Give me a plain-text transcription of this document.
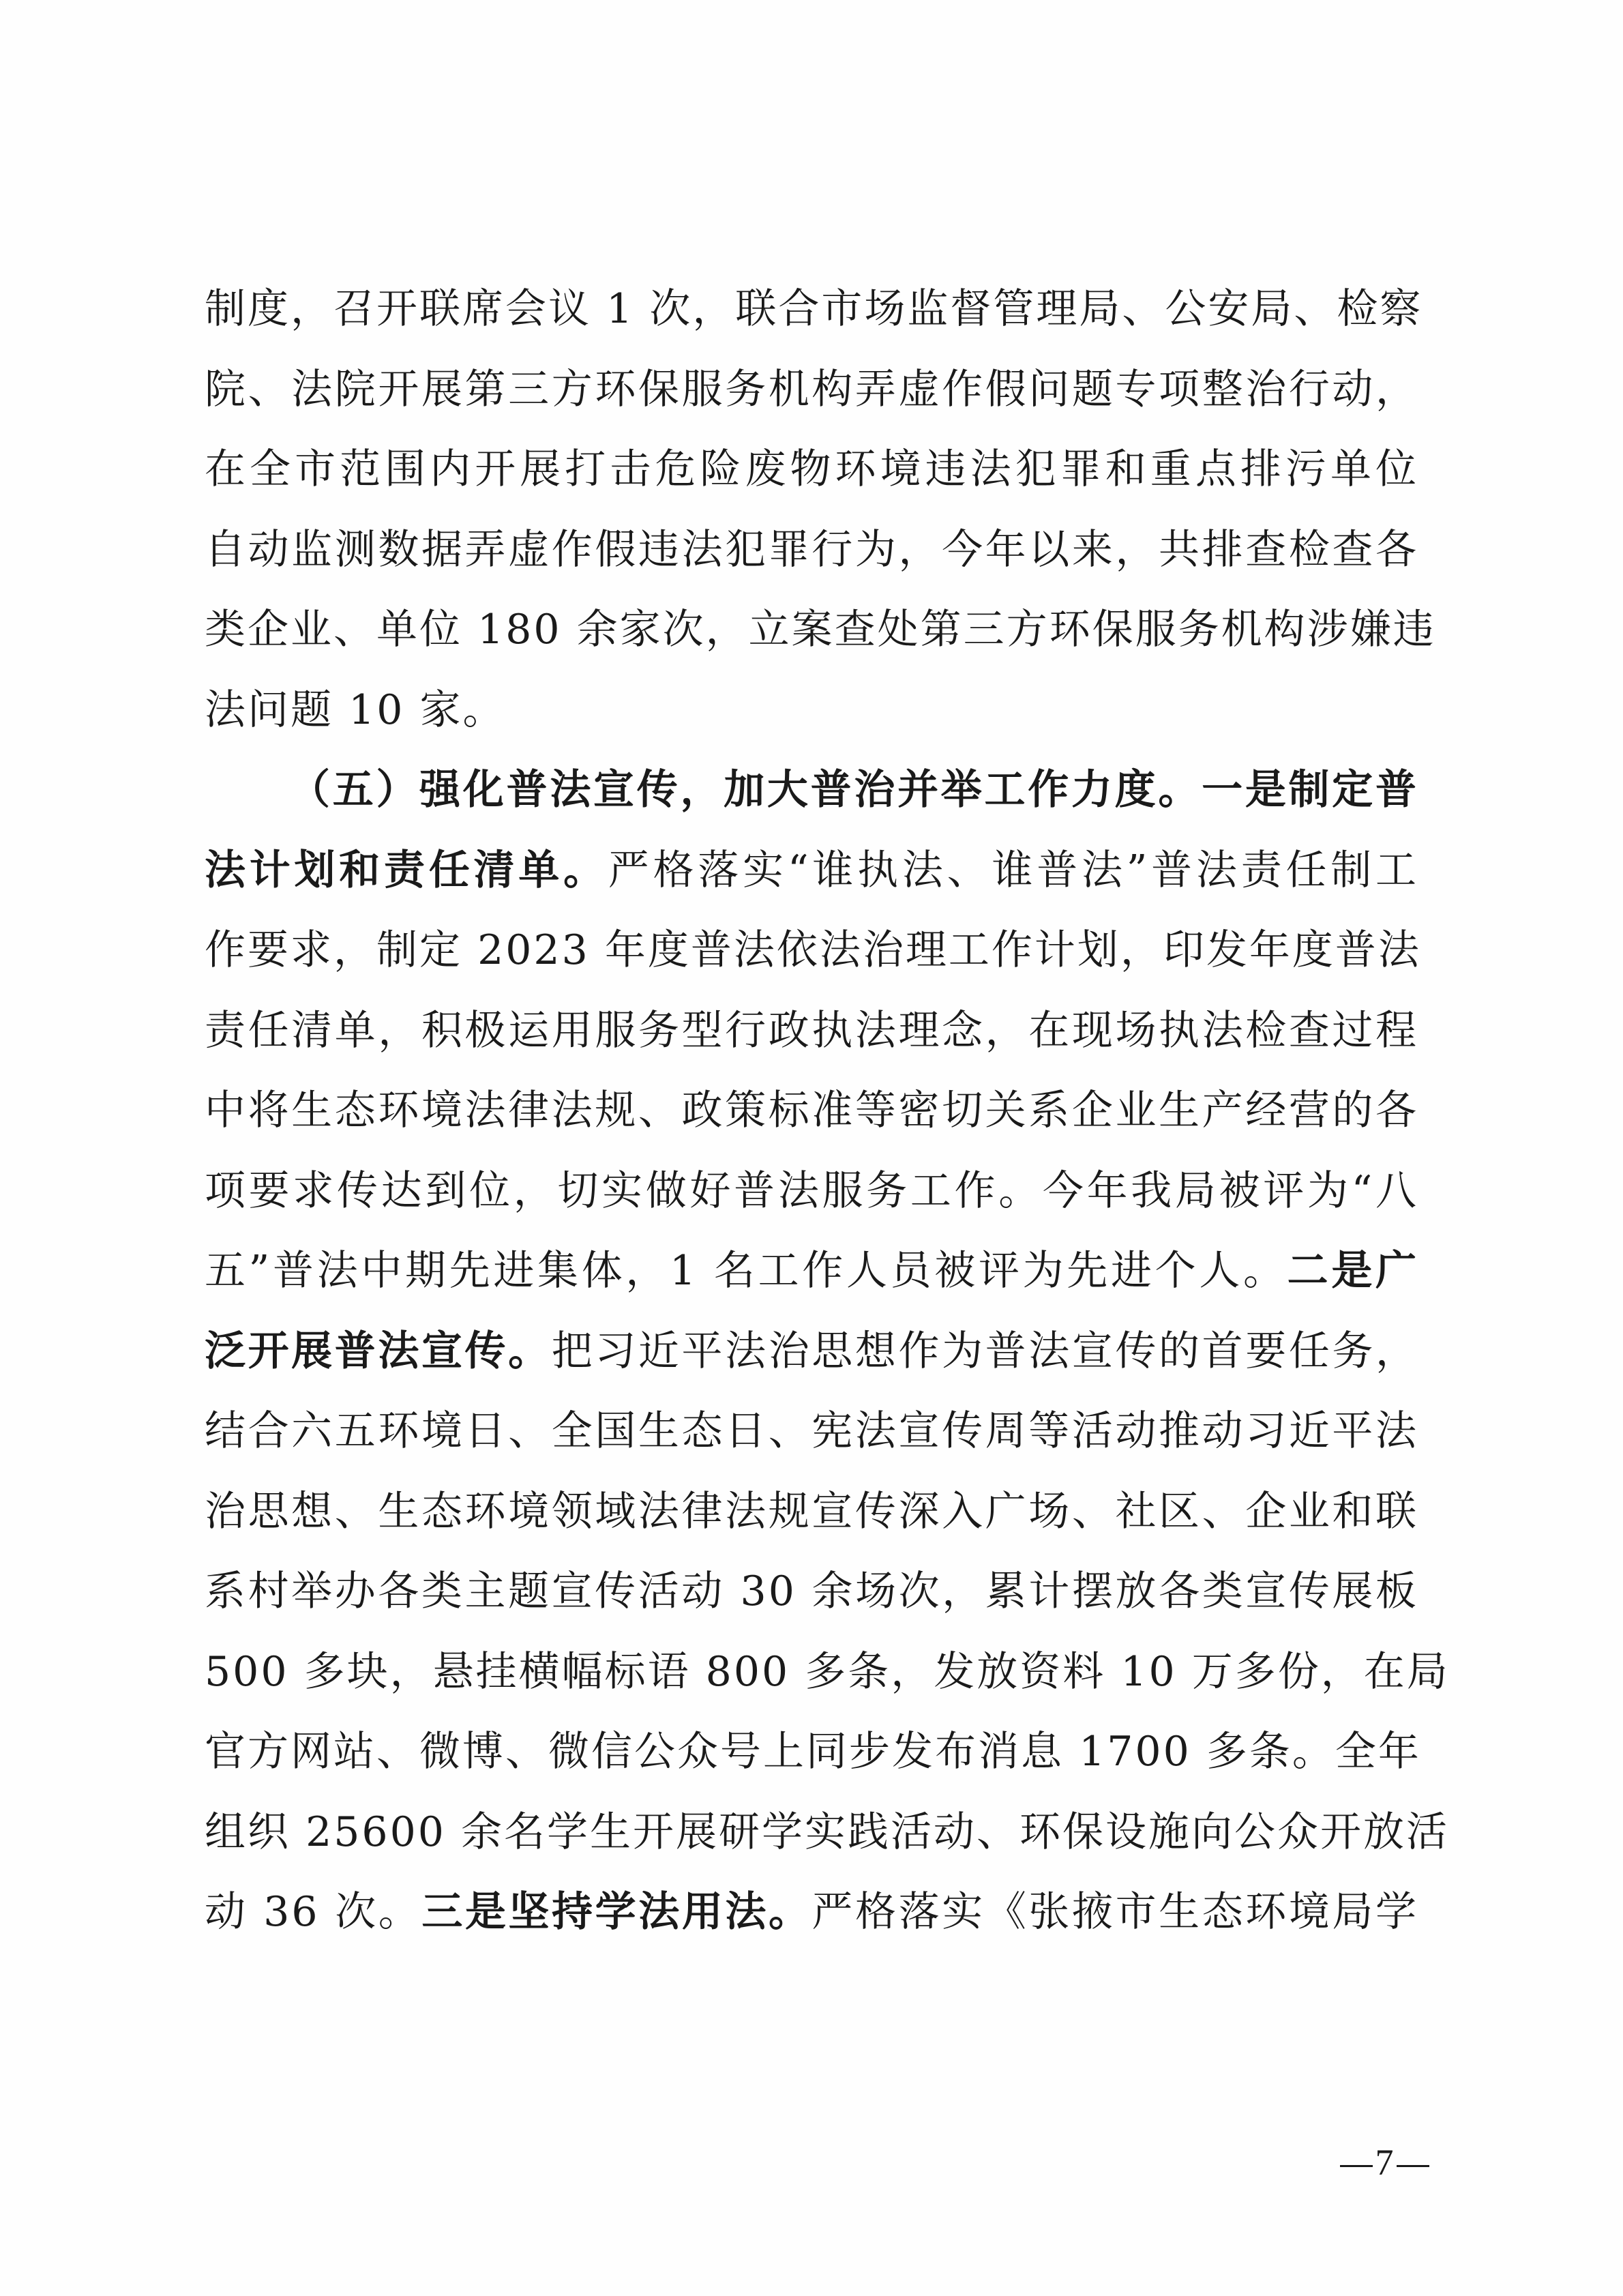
制度，召开联席会议 1 次，联合市场监督管理局、公安局、检察
院、法院开展第三方环保服务机构弄虚作假问题专项整治行动，
在全市范围内开展打击危险废物环境违法犯罪和重点排污单位
自动监测数据弄虚作假违法犯罪行为，今年以来，共排查检查各
类企业、单位 180 余家次，立案查处第三方环保服务机构涉嫌违
法问题 10 家。
（五）强化普法宣传，加大普治并举工作力度。一是制定普
法计划和责任清单。严格落实“谁执法、谁普法”普法责任制工
作要求，制定 2023 年度普法依法治理工作计划，印发年度普法
责任清单，积极运用服务型行政执法理念，在现场执法检查过程
中将生态环境法律法规、政策标准等密切关系企业生产经营的各
项要求传达到位，切实做好普法服务工作。今年我局被评为“八
五”普法中期先进集体，1 名工作人员被评为先进个人。二是广
泛开展普法宣传。把习近平法治思想作为普法宣传的首要任务，
结合六五环境日、全国生态日、宪法宣传周等活动推动习近平法
治思想、生态环境领域法律法规宣传深入广场、社区、企业和联
系村举办各类主题宣传活动 30 余场次，累计摆放各类宣传展板
500 多块，悬挂横幅标语 800 多条，发放资料 10 万多份，在局
官方网站、微博、微信公众号上同步发布消息 1700 多条。全年
组织 25600 余名学生开展研学实践活动、环保设施向公众开放活
动 36 次。三是坚持学法用法。严格落实《张掖市生态环境局学
7
